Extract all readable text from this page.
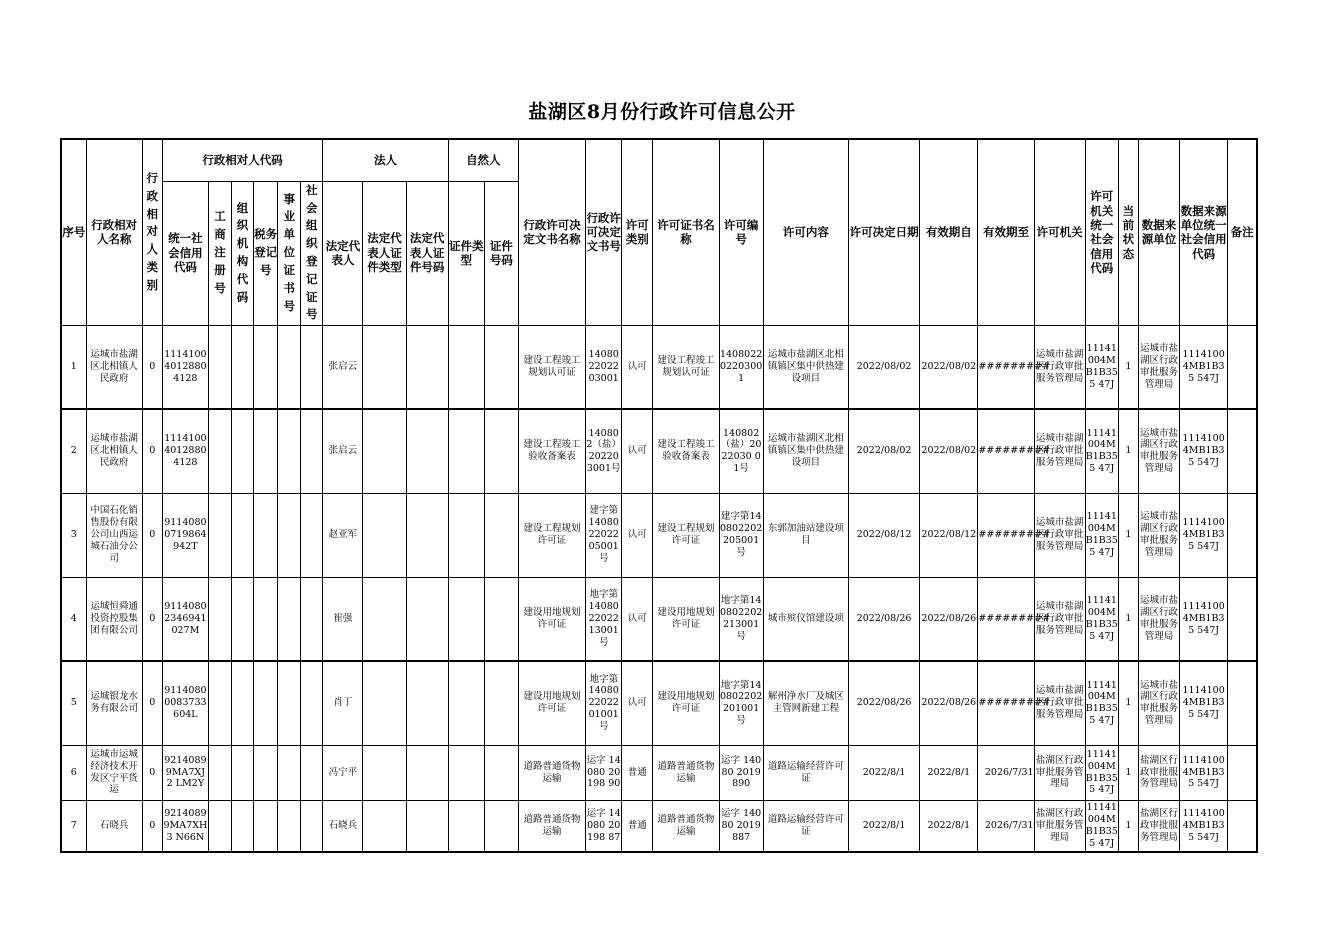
盐湖区8月份行政许可信息公开
序号	行政相对人名称	行政相对人类别	行政相对人代码						法人			自然人		行政许可决定文书名称	行政许可决定文书号	许可类别	许可证书名称	许可编号	许可内容	许可决定日期	有效期自	有效期至	许可机关	许可机关统一社会信用代码	当前状态	数据来源单位	数据来源单位统一社会信用代码	备注
			统一社会信用代码	工商注册号	组织机构代码	税务登记号	事业单位证书号	社会组织登记证号	法定代表人	法定代表人证件类型	法定代表人证件号码	证件类型	证件号码															
1	运城市盐湖区北相镇人民政府	0	11141004012880 4128						张启云					建设工程竣工规划认可证	14080 22022 03001	认可	建设工程竣工规划认可证	14080220220300 1	运城市盐湖区北相镇镇区集中供热建设项目	2022/08/02	2022/08/02	#########	运城市盐湖区行政审批服务管理局	11141004MB1B355 47J	1	运城市盐湖区行政审批服务管理局	11141004MB1B35 547J	
2	运城市盐湖区北相镇人民政府	0	11141004012880 4128						张启云					建设工程竣工验收备案表	140802（盐）202203001号	认可	建设工程竣工验收备案表	140802（盐）2022030 01号	运城市盐湖区北相镇镇区集中供热建设项目	2022/08/02	2022/08/02	#########	运城市盐湖区行政审批服务管理局	11141004MB1B355 47J	1	运城市盐湖区行政审批服务管理局	11141004MB1B35 547J	
3	中国石化销售股份有限公司山西运城石油分公司	0	91140800719864 942T						赵亚军					建设工程规划许可证	建字第 14080 22022 05001 号	认可	建设工程规划许可证	建字第140802202205001号	东郭加油站建设项目	2022/08/12	2022/08/12	#########	运城市盐湖区行政审批服务管理局	11141004MB1B355 47J	1	运城市盐湖区行政审批服务管理局	11141004MB1B35 547J	
4	运城恒舜通投资控股集团有限公司	0	91140802346941 027M						崔强					建设用地规划许可证	地字第 14080 22022 13001 号	认可	建设用地规划许可证	地字第140802202213001号	城市殡仪馆建设项	2022/08/26	2022/08/26	#########	运城市盐湖区行政审批服务管理局	11141004MB1B355 47J	1	运城市盐湖区行政审批服务管理局	11141004MB1B35 547J	
5	运城银龙水务有限公司	0	91140800083733 604L						肖丁					建设用地规划许可证	地字第 14080 22022 01001 号	认可	建设用地规划许可证	地字第140802202201001号	解州净水厂及城区主管网新建工程	2022/08/26	2022/08/26	#########	运城市盐湖区行政审批服务管理局	11141004MB1B355 47J	1	运城市盐湖区行政审批服务管理局	11141004MB1B35 547J	
6	运城市运城经济技术开发区宁平货运	0	92140899MA7XJ2 LM2Y						冯宁平					道路普通货物运输	运字 14080 20198 90	普通	道路普通货物运输	运字 14080 2019890	道路运输经营许可证	2022/8/1	2022/8/1	2026/7/31	盐湖区行政审批服务管理局	11141004MB1B355 47J	1	盐湖区行政审批服务管理局	11141004MB1B35 547J	
7	石晓兵	0	92140899MA7XH3 N66N						石晓兵					道路普通货物运输	运字 14080 20198 87	普通	道路普通货物运输	运字 14080 2019887	道路运输经营许可证	2022/8/1	2022/8/1	2026/7/31	盐湖区行政审批服务管理局	11141004MB1B355 47J	1	盐湖区行政审批服务管理局	11141004MB1B35 547J	
